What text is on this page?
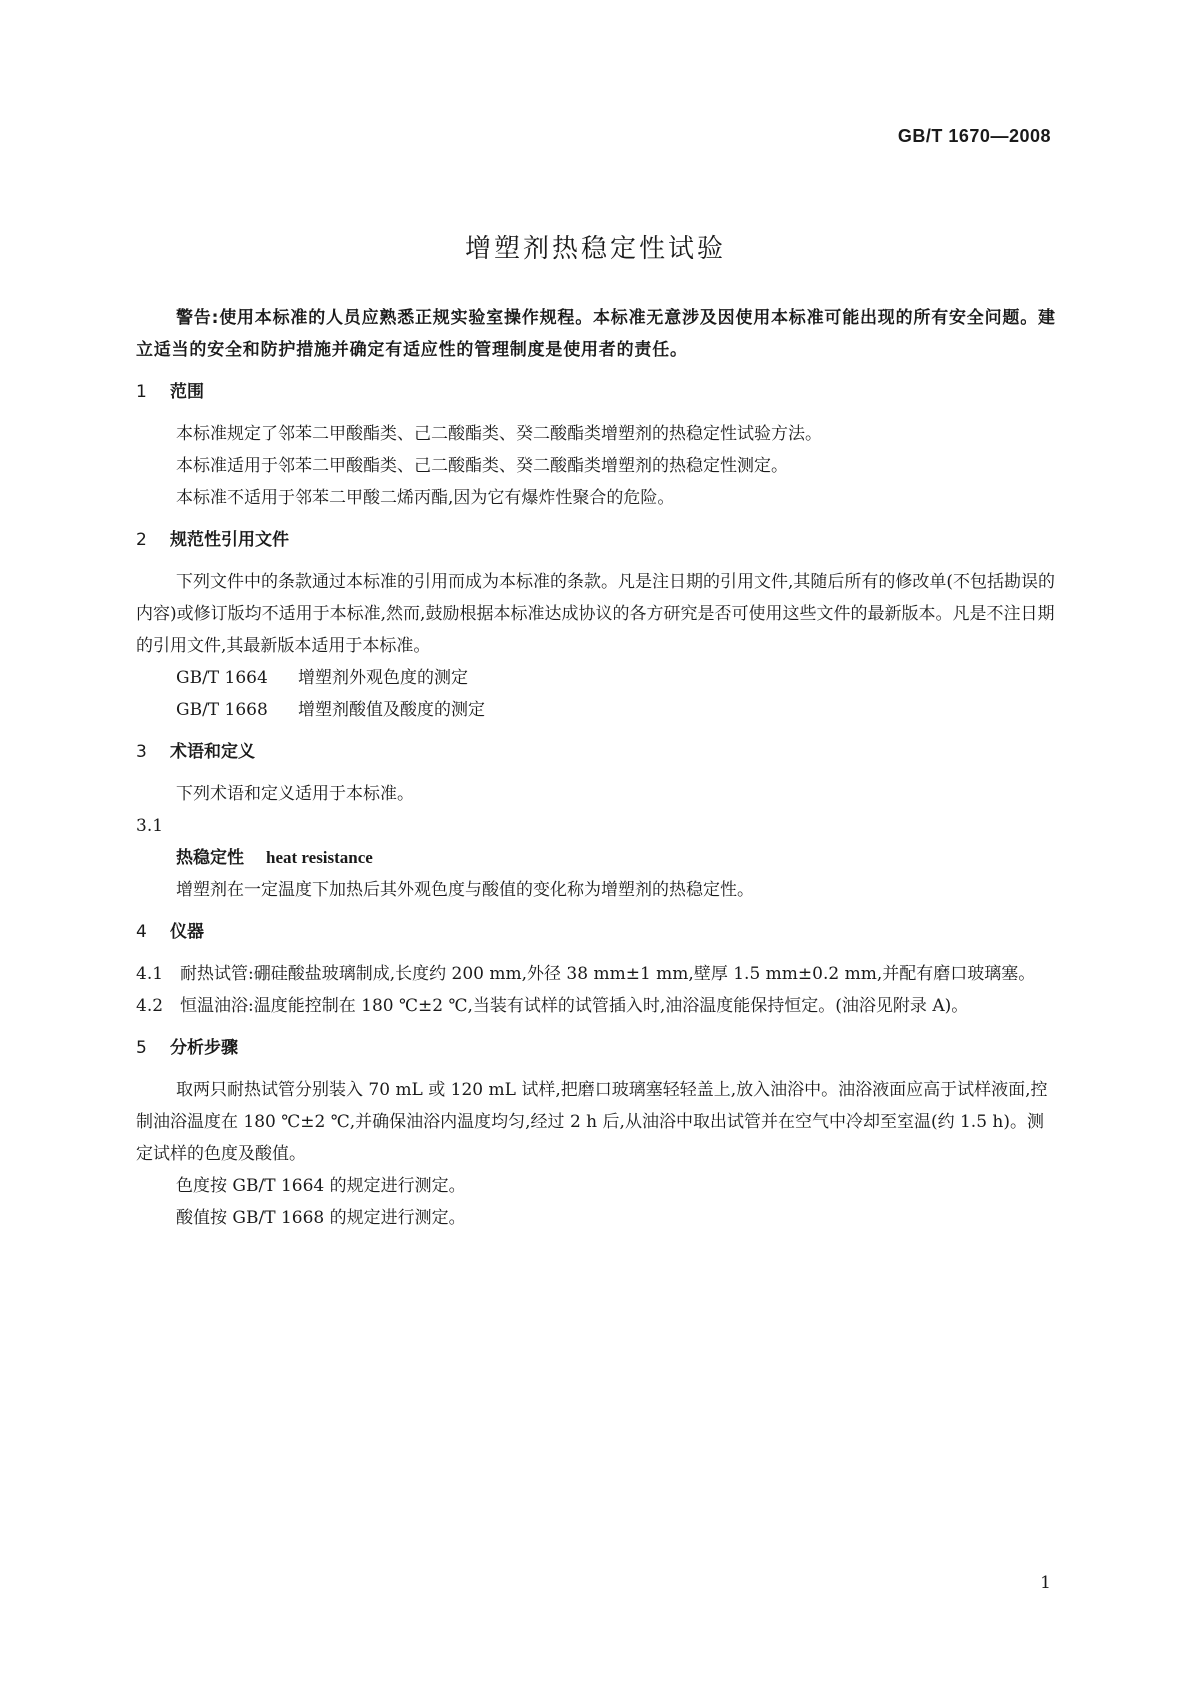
GB/T 1670—2008
增塑剂热稳定性试验

警告:使用本标准的人员应熟悉正规实验室操作规程。本标准无意涉及因使用本标准可能出现的所有安全问题。建立适当的安全和防护措施并确定有适应性的管理制度是使用者的责任。

1 范围

本标准规定了邻苯二甲酸酯类、己二酸酯类、癸二酸酯类增塑剂的热稳定性试验方法。

本标准适用于邻苯二甲酸酯类、己二酸酯类、癸二酸酯类增塑剂的热稳定性测定。

本标准不适用于邻苯二甲酸二烯丙酯,因为它有爆炸性聚合的危险。

2 规范性引用文件

下列文件中的条款通过本标准的引用而成为本标准的条款。凡是注日期的引用文件,其随后所有的修改单(不包括勘误的内容)或修订版均不适用于本标准,然而,鼓励根据本标准达成协议的各方研究是否可使用这些文件的最新版本。凡是不注日期的引用文件,其最新版本适用于本标准。

GB/T 1664 增塑剂外观色度的测定
GB/T 1668 增塑剂酸值及酸度的测定
3 术语和定义

下列术语和定义适用于本标准。

3.1

热稳定性 heat resistance

增塑剂在一定温度下加热后其外观色度与酸值的变化称为增塑剂的热稳定性。

4 仪器

4.1 耐热试管:硼硅酸盐玻璃制成,长度约 200 mm,外径 38 mm±1 mm,壁厚 1.5 mm±0.2 mm,并配有磨口玻璃塞。

4.2 恒温油浴:温度能控制在 180 ℃±2 ℃,当装有试样的试管插入时,油浴温度能保持恒定。(油浴见附录 A)。

5 分析步骤

取两只耐热试管分别装入 70 mL 或 120 mL 试样,把磨口玻璃塞轻轻盖上,放入油浴中。油浴液面应高于试样液面,控制油浴温度在 180 ℃±2 ℃,并确保油浴内温度均匀,经过 2 h 后,从油浴中取出试管并在空气中冷却至室温(约 1.5 h)。测定试样的色度及酸值。

色度按 GB/T 1664 的规定进行测定。

酸值按 GB/T 1668 的规定进行测定。

1
